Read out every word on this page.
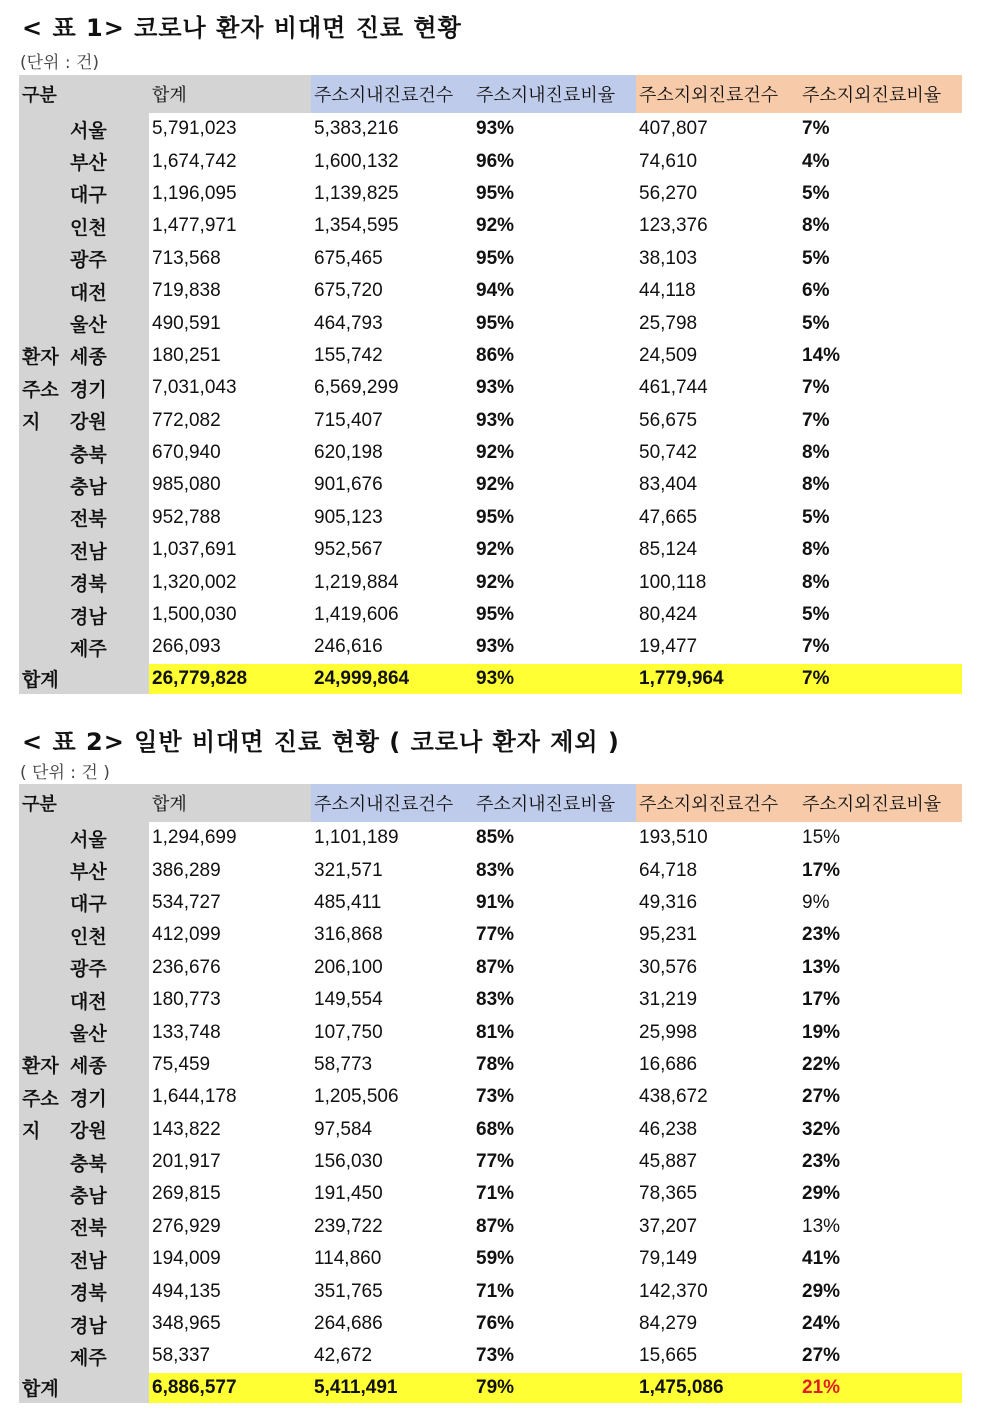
< 표 1> 코로나 환자 비대면 진료 현황
(단위 : 건)
구분		합계	주소지내진료건수	주소지내진료비율	주소지외진료건수	주소지외진료비율
	서울	5,791,023	5,383,216	93%	407,807	7%
	부산	1,674,742	1,600,132	96%	74,610	4%
	대구	1,196,095	1,139,825	95%	56,270	5%
	인천	1,477,971	1,354,595	92%	123,376	8%
	광주	713,568	675,465	95%	38,103	5%
	대전	719,838	675,720	94%	44,118	6%
	울산	490,591	464,793	95%	25,798	5%
환자	세종	180,251	155,742	86%	24,509	14%
주소	경기	7,031,043	6,569,299	93%	461,744	7%
지	강원	772,082	715,407	93%	56,675	7%
	충북	670,940	620,198	92%	50,742	8%
	충남	985,080	901,676	92%	83,404	8%
	전북	952,788	905,123	95%	47,665	5%
	전남	1,037,691	952,567	92%	85,124	8%
	경북	1,320,002	1,219,884	92%	100,118	8%
	경남	1,500,030	1,419,606	95%	80,424	5%
	제주	266,093	246,616	93%	19,477	7%
합계		26,779,828	24,999,864	93%	1,779,964	7%
< 표 2> 일반 비대면 진료 현황 ( 코로나 환자 제외 )
( 단위 : 건 )
구분		합계	주소지내진료건수	주소지내진료비율	주소지외진료건수	주소지외진료비율
	서울	1,294,699	1,101,189	85%	193,510	15%
	부산	386,289	321,571	83%	64,718	17%
	대구	534,727	485,411	91%	49,316	9%
	인천	412,099	316,868	77%	95,231	23%
	광주	236,676	206,100	87%	30,576	13%
	대전	180,773	149,554	83%	31,219	17%
	울산	133,748	107,750	81%	25,998	19%
환자	세종	75,459	58,773	78%	16,686	22%
주소	경기	1,644,178	1,205,506	73%	438,672	27%
지	강원	143,822	97,584	68%	46,238	32%
	충북	201,917	156,030	77%	45,887	23%
	충남	269,815	191,450	71%	78,365	29%
	전북	276,929	239,722	87%	37,207	13%
	전남	194,009	114,860	59%	79,149	41%
	경북	494,135	351,765	71%	142,370	29%
	경남	348,965	264,686	76%	84,279	24%
	제주	58,337	42,672	73%	15,665	27%
합계		6,886,577	5,411,491	79%	1,475,086	21%
